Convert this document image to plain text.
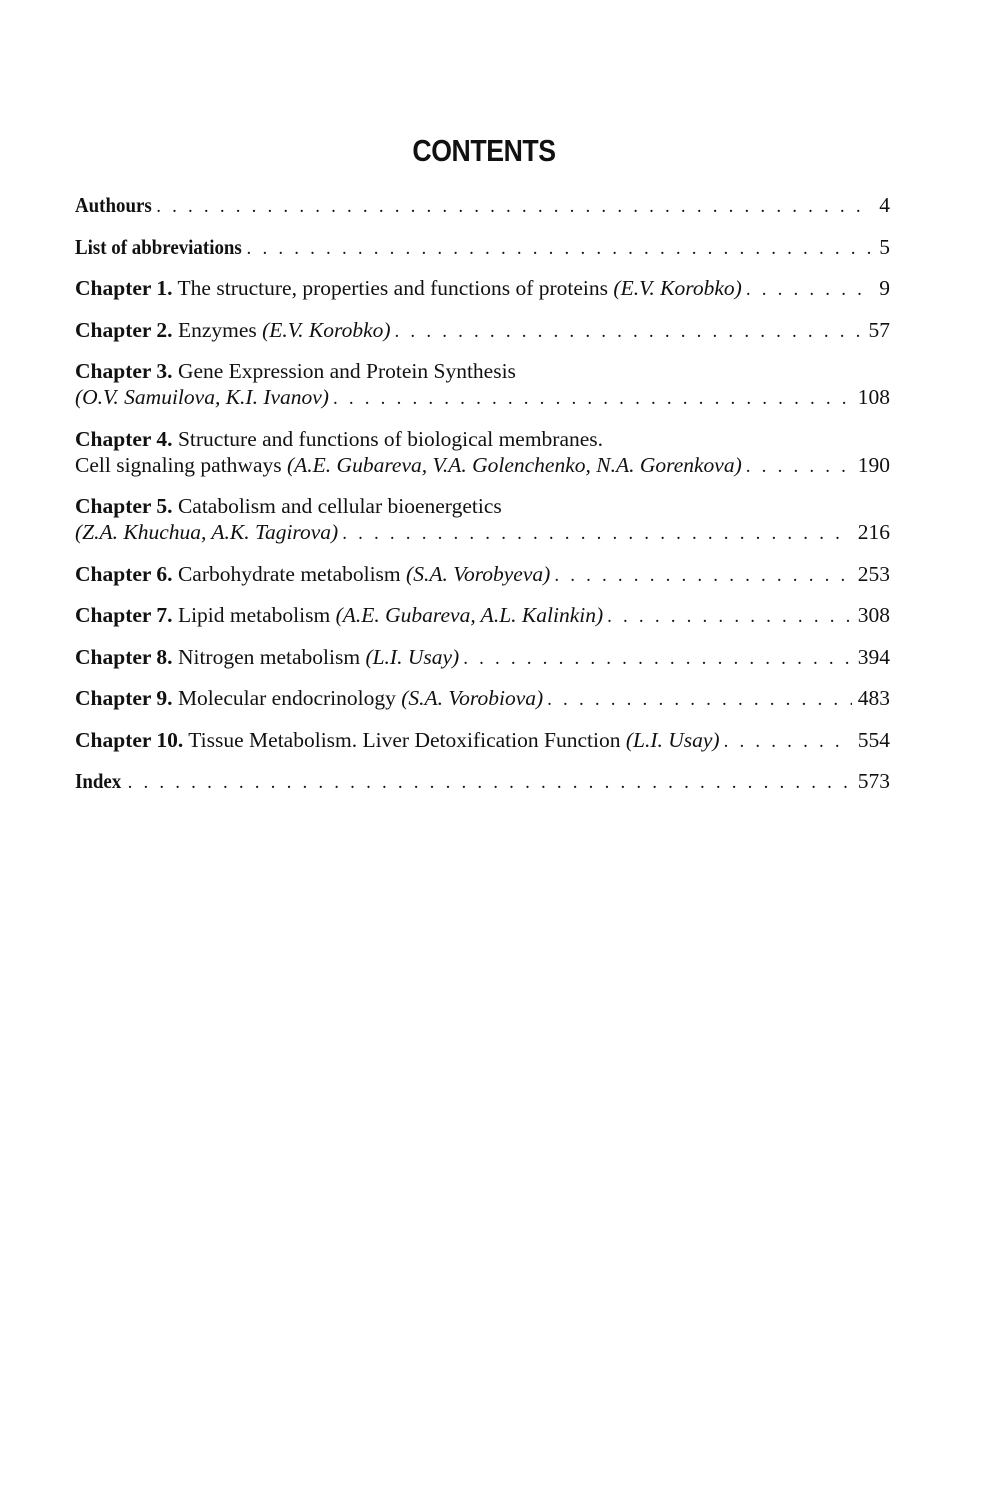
CONTENTS
Authours . . .	4
List of abbreviations . . .	5
Chapter 1. The structure, properties and functions of proteins (E.V. Korobko) . . .	9
Chapter 2. Enzymes (E.V. Korobko) . . .	57
Chapter 3. Gene Expression and Protein Synthesis
(O.V. Samuilova, K.I. Ivanov) . . .	108
Chapter 4. Structure and functions of biological membranes.
Cell signaling pathways (A.E. Gubareva, V.A. Golenchenko, N.A. Gorenkova) . . .	190
Chapter 5. Catabolism and cellular bioenergetics
(Z.A. Khuchua, A.K. Tagirova) . . .	216
Chapter 6. Carbohydrate metabolism (S.A. Vorobyeva) . . .	253
Chapter 7. Lipid metabolism (A.E. Gubareva, A.L. Kalinkin) . . .	308
Chapter 8. Nitrogen metabolism (L.I. Usay) . . .	394
Chapter 9. Molecular endocrinology (S.A. Vorobiova) . . .	483
Chapter 10. Tissue Metabolism. Liver Detoxification Function (L.I. Usay) . . .	554
Index . . .	573
